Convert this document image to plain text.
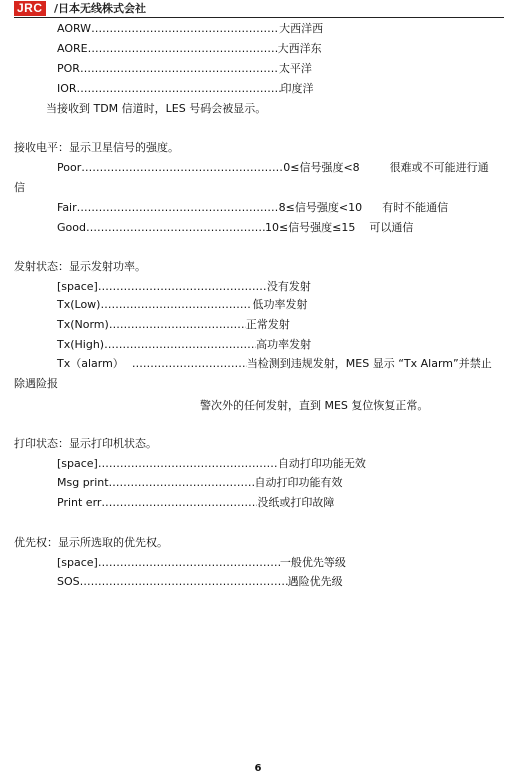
JRC /日本无线株式会社
AORW …………………………………………………………………………………………………………………………	大西洋西
AORE …………………………………………………………………………………………………………………………	大西洋东
POR …………………………………………………………………………………………………………………………	太平洋
IOR …………………………………………………………………………………………………………………………	印度洋
当接收到 TDM 信道时，LES 号码会被显示。
接收电平：显示卫星信号的强度。
Poor …………………………………………………………………………………………………………………………	0≤信号强度<8	很难或不可能进行通
信
Fair …………………………………………………………………………………………………………………………	8≤信号强度<10 有时不能通信
Good …………………………………………………………………………………………………………………………	10≤信号强度≤15 可以通信
发射状态：显示发射功率。
[space] …………………………………………………………………………………………………………………………	没有发射
Tx(Low) …………………………………………………………………………………………………………………………	低功率发射
Tx(Norm) …………………………………………………………………………………………………………………………	正常发射
Tx(High) …………………………………………………………………………………………………………………………	高功率发射
Tx（alarm） …………………………………………………………………………………………………………………………	当检测到违规发射，MES 显示 “Tx Alarm”并禁止
除遇险报
警次外的任何发射，直到 MES 复位恢复正常。
打印状态：显示打印机状态。
[space] …………………………………………………………………………………………………………………………	自动打印功能无效
Msg print …………………………………………………………………………………………………………………………	自动打印功能有效
Print err …………………………………………………………………………………………………………………………	没纸或打印故障
优先权：显示所选取的优先权。
[space] …………………………………………………………………………………………………………………………	一般优先等级
SOS …………………………………………………………………………………………………………………………	遇险优先级
6
